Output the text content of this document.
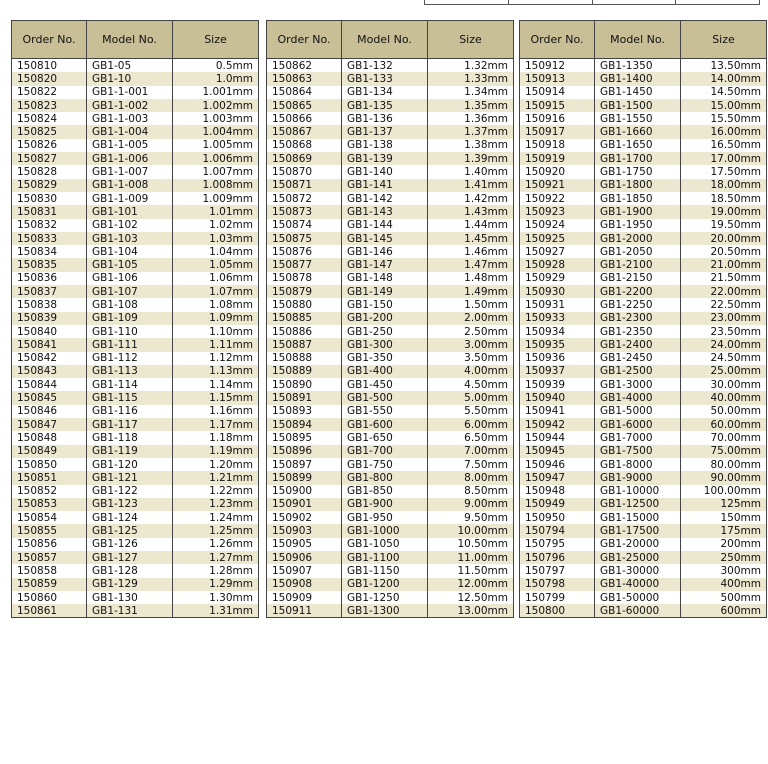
Order No.	Model No.	Size
150810	GB1-05	0.5mm
150820	GB1-10	1.0mm
150822	GB1-1-001	1.001mm
150823	GB1-1-002	1.002mm
150824	GB1-1-003	1.003mm
150825	GB1-1-004	1.004mm
150826	GB1-1-005	1.005mm
150827	GB1-1-006	1.006mm
150828	GB1-1-007	1.007mm
150829	GB1-1-008	1.008mm
150830	GB1-1-009	1.009mm
150831	GB1-101	1.01mm
150832	GB1-102	1.02mm
150833	GB1-103	1.03mm
150834	GB1-104	1.04mm
150835	GB1-105	1.05mm
150836	GB1-106	1.06mm
150837	GB1-107	1.07mm
150838	GB1-108	1.08mm
150839	GB1-109	1.09mm
150840	GB1-110	1.10mm
150841	GB1-111	1.11mm
150842	GB1-112	1.12mm
150843	GB1-113	1.13mm
150844	GB1-114	1.14mm
150845	GB1-115	1.15mm
150846	GB1-116	1.16mm
150847	GB1-117	1.17mm
150848	GB1-118	1.18mm
150849	GB1-119	1.19mm
150850	GB1-120	1.20mm
150851	GB1-121	1.21mm
150852	GB1-122	1.22mm
150853	GB1-123	1.23mm
150854	GB1-124	1.24mm
150855	GB1-125	1.25mm
150856	GB1-126	1.26mm
150857	GB1-127	1.27mm
150858	GB1-128	1.28mm
150859	GB1-129	1.29mm
150860	GB1-130	1.30mm
150861	GB1-131	1.31mm
Order No.	Model No.	Size
150862	GB1-132	1.32mm
150863	GB1-133	1.33mm
150864	GB1-134	1.34mm
150865	GB1-135	1.35mm
150866	GB1-136	1.36mm
150867	GB1-137	1.37mm
150868	GB1-138	1.38mm
150869	GB1-139	1.39mm
150870	GB1-140	1.40mm
150871	GB1-141	1.41mm
150872	GB1-142	1.42mm
150873	GB1-143	1.43mm
150874	GB1-144	1.44mm
150875	GB1-145	1.45mm
150876	GB1-146	1.46mm
150877	GB1-147	1.47mm
150878	GB1-148	1.48mm
150879	GB1-149	1.49mm
150880	GB1-150	1.50mm
150885	GB1-200	2.00mm
150886	GB1-250	2.50mm
150887	GB1-300	3.00mm
150888	GB1-350	3.50mm
150889	GB1-400	4.00mm
150890	GB1-450	4.50mm
150891	GB1-500	5.00mm
150893	GB1-550	5.50mm
150894	GB1-600	6.00mm
150895	GB1-650	6.50mm
150896	GB1-700	7.00mm
150897	GB1-750	7.50mm
150899	GB1-800	8.00mm
150900	GB1-850	8.50mm
150901	GB1-900	9.00mm
150902	GB1-950	9.50mm
150903	GB1-1000	10.00mm
150905	GB1-1050	10.50mm
150906	GB1-1100	11.00mm
150907	GB1-1150	11.50mm
150908	GB1-1200	12.00mm
150909	GB1-1250	12.50mm
150911	GB1-1300	13.00mm
Order No.	Model No.	Size
150912	GB1-1350	13.50mm
150913	GB1-1400	14.00mm
150914	GB1-1450	14.50mm
150915	GB1-1500	15.00mm
150916	GB1-1550	15.50mm
150917	GB1-1660	16.00mm
150918	GB1-1650	16.50mm
150919	GB1-1700	17.00mm
150920	GB1-1750	17.50mm
150921	GB1-1800	18.00mm
150922	GB1-1850	18.50mm
150923	GB1-1900	19.00mm
150924	GB1-1950	19.50mm
150925	GB1-2000	20.00mm
150927	GB1-2050	20.50mm
150928	GB1-2100	21.00mm
150929	GB1-2150	21.50mm
150930	GB1-2200	22.00mm
150931	GB1-2250	22.50mm
150933	GB1-2300	23.00mm
150934	GB1-2350	23.50mm
150935	GB1-2400	24.00mm
150936	GB1-2450	24.50mm
150937	GB1-2500	25.00mm
150939	GB1-3000	30.00mm
150940	GB1-4000	40.00mm
150941	GB1-5000	50.00mm
150942	GB1-6000	60.00mm
150944	GB1-7000	70.00mm
150945	GB1-7500	75.00mm
150946	GB1-8000	80.00mm
150947	GB1-9000	90.00mm
150948	GB1-10000	100.00mm
150949	GB1-12500	125mm
150950	GB1-15000	150mm
150794	GB1-17500	175mm
150795	GB1-20000	200mm
150796	GB1-25000	250mm
150797	GB1-30000	300mm
150798	GB1-40000	400mm
150799	GB1-50000	500mm
150800	GB1-60000	600mm
